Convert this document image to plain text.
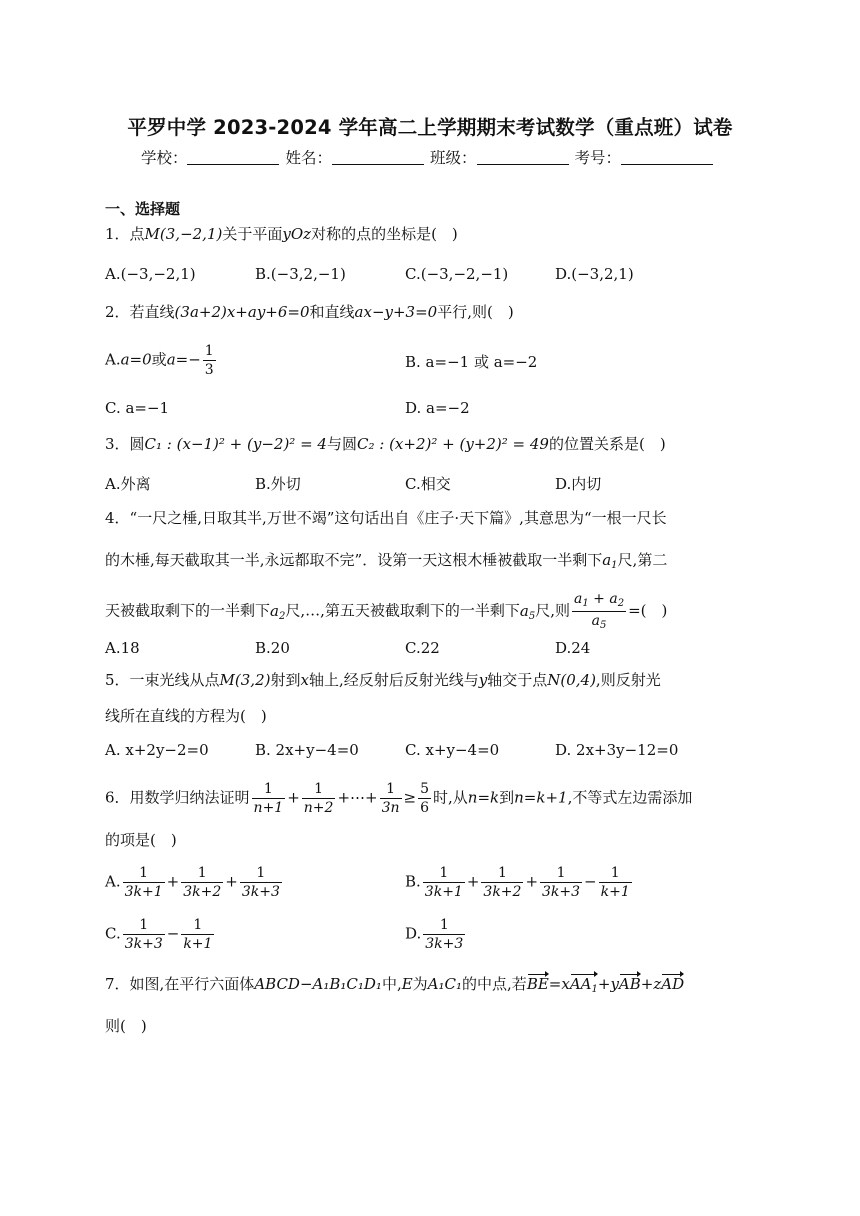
平罗中学 2023-2024 学年高二上学期期末考试数学（重点班）试卷
学校：	姓名：	班级：	考号：
一、选择题
1．点M(3,−2,1)关于平面yOz对称的点的坐标是(　)
A.(−3,−2,1)	B.(−3,2,−1)	C.(−3,−2,−1)	D.(−3,2,1)
2．若直线(3a+2)x+ay+6=0和直线ax−y+3=0平行,则(　)
A.a=0或$a=- \frac{1}{3}$	B. a=−1 或 a=−2
C. a=−1	D. a=−2
3．圆C₁ : (x−1)² + (y−2)² = 4与圆C₂ : (x+2)² + (y+2)² = 49的位置关系是(　)
A.外离	B.外切	C.相交	D.内切
4．“一尺之棰,日取其半,万世不竭”这句话出自《庄子·天下篇》,其意思为“一根一尺长
的木棰,每天截取其一半,永远都取不完”．设第一天这根木棰被截取一半剩下$a_1$尺,第二
天被截取剩下的一半剩下$a_2$尺,…,第五天被截取剩下的一半剩下$a_5$尺,则 $\frac{a_1 + a_2}{a_5}$ =(　)
A.18	B.20	C.22	D.24
5．一束光线从点M(3,2)射到x轴上,经反射后反射光线与y轴交于点N(0,4),则反射光
线所在直线的方程为(　)
A. x+2y−2=0	B. 2x+y−4=0	C. x+y−4=0	D. 2x+3y−12=0
6．用数学归纳法证明 $\frac{1}{n+1} + \frac{1}{n+2}$ +⋯+ $\frac{1}{3n} \ge \frac{5}{6}$ 时,从n=k到n=k+1,不等式左边需添加
的项是(　)
A. $\frac{1}{3k+1} + \frac{1}{3k+2} + \frac{1}{3k+3}$	B. $\frac{1}{3k+1} + \frac{1}{3k+2} + \frac{1}{3k+3} - \frac{1}{k+1}$
C. $\frac{1}{3k+3} - \frac{1}{k+1}$	D. $\frac{1}{3k+3}$
7．如图,在平行六面体ABCD−A₁B₁C₁D₁中,E为A₁C₁的中点,若BE=xAA$_1$+yAB+zAD
则(　)
